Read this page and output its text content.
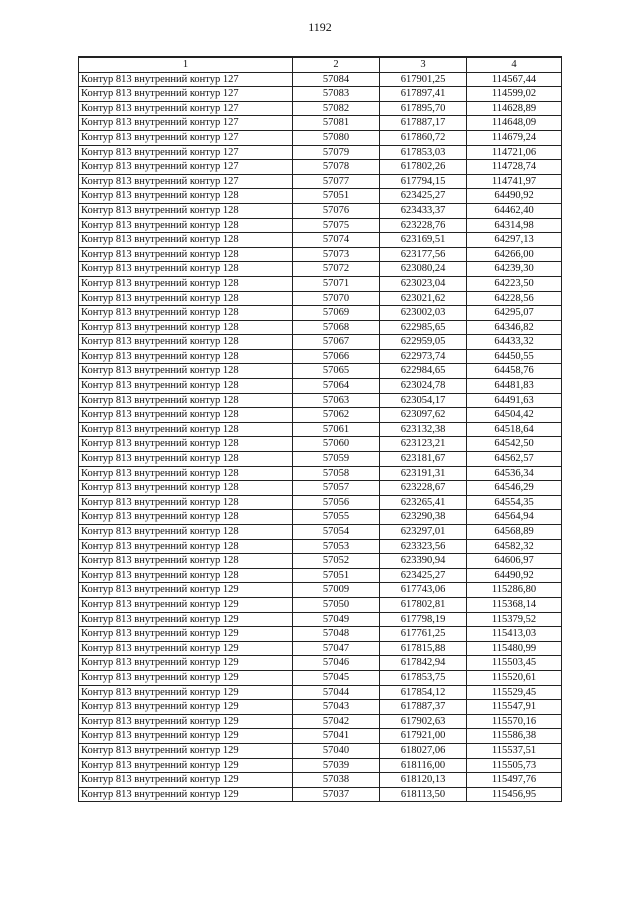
1192
1	2	3	4
Контур 813 внутренний контур 127	57084	617901,25	114567,44
Контур 813 внутренний контур 127	57083	617897,41	114599,02
Контур 813 внутренний контур 127	57082	617895,70	114628,89
Контур 813 внутренний контур 127	57081	617887,17	114648,09
Контур 813 внутренний контур 127	57080	617860,72	114679,24
Контур 813 внутренний контур 127	57079	617853,03	114721,06
Контур 813 внутренний контур 127	57078	617802,26	114728,74
Контур 813 внутренний контур 127	57077	617794,15	114741,97
Контур 813 внутренний контур 128	57051	623425,27	64490,92
Контур 813 внутренний контур 128	57076	623433,37	64462,40
Контур 813 внутренний контур 128	57075	623228,76	64314,98
Контур 813 внутренний контур 128	57074	623169,51	64297,13
Контур 813 внутренний контур 128	57073	623177,56	64266,00
Контур 813 внутренний контур 128	57072	623080,24	64239,30
Контур 813 внутренний контур 128	57071	623023,04	64223,50
Контур 813 внутренний контур 128	57070	623021,62	64228,56
Контур 813 внутренний контур 128	57069	623002,03	64295,07
Контур 813 внутренний контур 128	57068	622985,65	64346,82
Контур 813 внутренний контур 128	57067	622959,05	64433,32
Контур 813 внутренний контур 128	57066	622973,74	64450,55
Контур 813 внутренний контур 128	57065	622984,65	64458,76
Контур 813 внутренний контур 128	57064	623024,78	64481,83
Контур 813 внутренний контур 128	57063	623054,17	64491,63
Контур 813 внутренний контур 128	57062	623097,62	64504,42
Контур 813 внутренний контур 128	57061	623132,38	64518,64
Контур 813 внутренний контур 128	57060	623123,21	64542,50
Контур 813 внутренний контур 128	57059	623181,67	64562,57
Контур 813 внутренний контур 128	57058	623191,31	64536,34
Контур 813 внутренний контур 128	57057	623228,67	64546,29
Контур 813 внутренний контур 128	57056	623265,41	64554,35
Контур 813 внутренний контур 128	57055	623290,38	64564,94
Контур 813 внутренний контур 128	57054	623297,01	64568,89
Контур 813 внутренний контур 128	57053	623323,56	64582,32
Контур 813 внутренний контур 128	57052	623390,94	64606,97
Контур 813 внутренний контур 128	57051	623425,27	64490,92
Контур 813 внутренний контур 129	57009	617743,06	115286,80
Контур 813 внутренний контур 129	57050	617802,81	115368,14
Контур 813 внутренний контур 129	57049	617798,19	115379,52
Контур 813 внутренний контур 129	57048	617761,25	115413,03
Контур 813 внутренний контур 129	57047	617815,88	115480,99
Контур 813 внутренний контур 129	57046	617842,94	115503,45
Контур 813 внутренний контур 129	57045	617853,75	115520,61
Контур 813 внутренний контур 129	57044	617854,12	115529,45
Контур 813 внутренний контур 129	57043	617887,37	115547,91
Контур 813 внутренний контур 129	57042	617902,63	115570,16
Контур 813 внутренний контур 129	57041	617921,00	115586,38
Контур 813 внутренний контур 129	57040	618027,06	115537,51
Контур 813 внутренний контур 129	57039	618116,00	115505,73
Контур 813 внутренний контур 129	57038	618120,13	115497,76
Контур 813 внутренний контур 129	57037	618113,50	115456,95
